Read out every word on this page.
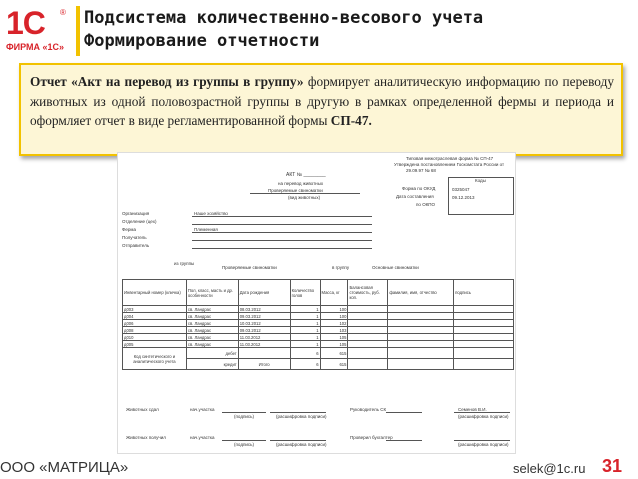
1С ®
ФИРМА «1С»
Подсистема количественно-весового учета
Формирование отчетности

Отчет «Акт на перевод из группы в группу» формирует аналитическую информацию по переводу животных из одной половозрастной группы в другую в рамках определенной фермы и периода и оформляет отчет в виде регламентированной формы СП-47.

Типовая межотраслевая форма № СП-47
Утверждена постановлением Госкомстата России от
29.09.97 № 68
АКТ № ________
на перевод животных
Проверяемые свиноматки
(вид животных)
Коды
0325047
09.12.2013
Форма по ОКУД
Дата составления
по ОКПО
Организация	Наше хозяйство
Отделение (цех)
Ферма	Племенная
Получатель
Отправитель
из группы
Проверяемые свиноматки	в группу	Основные свиноматки
Инвентарный номер (кличка)	Пол, класс, масть и др. особенности	Дата рождения	Количество голов	Масса, кг	Балансовая стоимость, руб. коп.	фамилия, имя, отчество	подпись
д003	св. Ландрас	08.03.2012	1	100			
д004	св. Ландрас	09.03.2012	1	100			
д006	св. Ландрас	10.03.2012	1	102			
д008	св. Ландрас	09.03.2012	1	103			
д010	св. Ландрас	11.03.2012	1	105			
д005	св. Ландрас	11.03.2012	1	105			
Код синтетического и аналитического учета	дебет		6	615			
	кредит	Итого	6	615			
Животных сдал	нач.участка
(подпись)	(расшифровка подписи)
Руководитель СК	Семенов В.И.
(расшифровка подписи)
Животных получил	нач.участка
(подпись)	(расшифровка подписи)
Проверил бухгалтер
(расшифровка подписи)
ООО «МАТРИЦА»	selek@1c.ru 31
